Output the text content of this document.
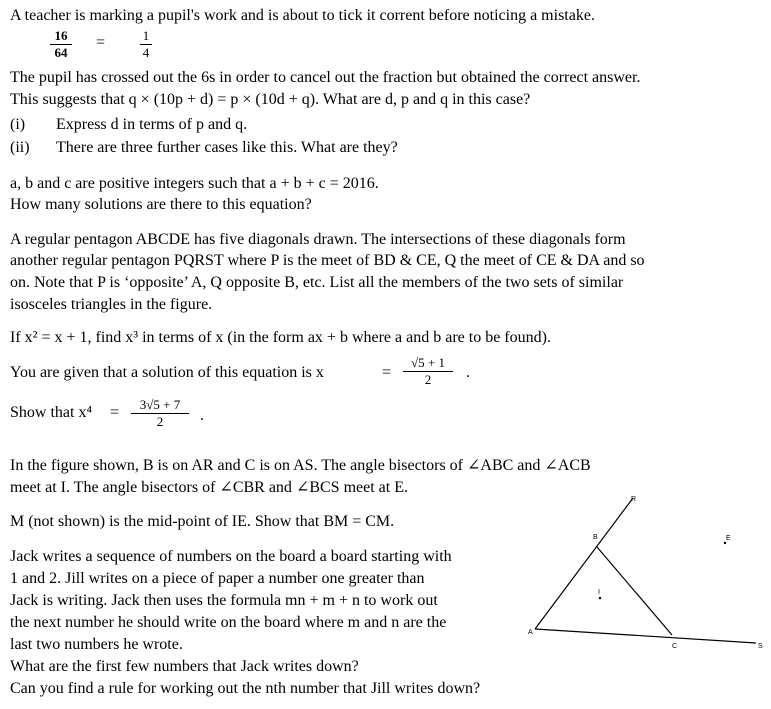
A teacher is marking a pupil's work and is about to tick it corrent before noticing a mistake.
$\frac{16}{64}$ =	$\frac{1}{4}$
The pupil has crossed out the 6s in order to cancel out the fraction but obtained the correct answer.
This suggests that q × (10p + d) = p × (10d + q). What are d, p and q in this case?
(i) Express d in terms of p and q.
(ii) There are three further cases like this. What are they?
a, b and c are positive integers such that a + b + c = 2016.
How many solutions are there to this equation?
A regular pentagon ABCDE has five diagonals drawn. The intersections of these diagonals form
another regular pentagon PQRST where P is the meet of BD & CE, Q the meet of CE & DA and so
on. Note that P is ‘opposite’ A, Q opposite B, etc. List all the members of the two sets of similar
isosceles triangles in the figure.
If x² = x + 1, find x³ in terms of x (in the form ax + b where a and b are to be found).
You are given that a solution of this equation is x	= $\frac{√5 + 1}{2}$ .
Show that $x^4 = \frac{3√5 + 7}{2}$ .
In the figure shown, B is on AR and C is on AS. The angle bisectors of ∠ABC and ∠ACB
meet at I. The angle bisectors of ∠CBR and ∠BCS meet at E.
M (not shown) is the mid-point of IE. Show that BM = CM.
R
B	E
I
A
C	S
Jack writes a sequence of numbers on the board a board starting with
1 and 2. Jill writes on a piece of paper a number one greater than
Jack is writing. Jack then uses the formula mn + m + n to work out
the next number he should write on the board where m and n are the
last two numbers he wrote.
What are the first few numbers that Jack writes down?
Can you find a rule for working out the nth number that Jill writes down?
